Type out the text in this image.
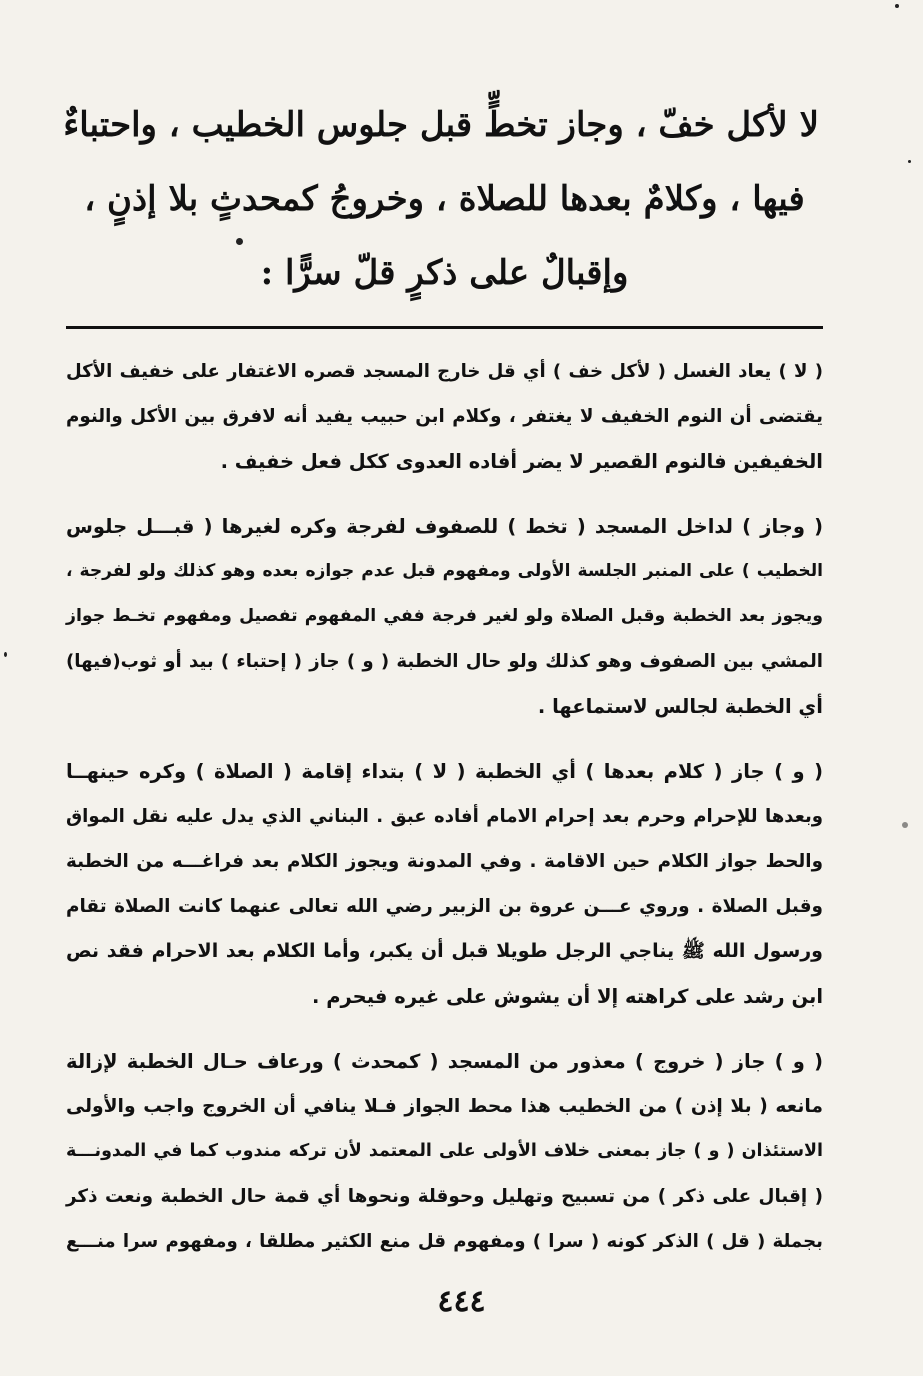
لا لأكل خفّ ، وجاز تخطٍّ قبل جلوس الخطيب ، واحتباءٌ
فيها ، وكلامٌ بعدها للصلاة ، وخروجُ كمحدثٍ بلا إذنٍ ،
وإقبالٌ على ذكرٍ قلّ سرًّا :
( لا ) يعاد الغسل ( لأكل خف ) أي قل خارج المسجد قصره الاغتفار على خفيف الأكل
يقتضى أن النوم الخفيف لا يغتفر ، وكلام ابن حبيب يفيد أنه لافرق بين الأكل والنوم
الخفيفين فالنوم القصير لا يضر أفاده العدوى ككل فعل خفيف .
( وجاز ) لداخل المسجد ( تخط ) للصفوف لفرجة وكره لغيرها ( قبـــل جلوس
الخطيب ) على المنبر الجلسة الأولى ومفهوم قبل عدم جوازه بعده وهو كذلك ولو لفرجة ،
ويجوز بعد الخطبة وقبل الصلاة ولو لغير فرجة ففي المفهوم تفصيل ومفهوم تخـط جواز
المشي بين الصفوف وهو كذلك ولو حال الخطبة ( و ) جاز ( إحتباء ) بيد أو ثوب(فيها)
أي الخطبة لجالس لاستماعها .
( و ) جاز ( كلام بعدها ) أي الخطبة ( لا ) بتداء إقامة ( الصلاة ) وكره حينهــا
وبعدها للإحرام وحرم بعد إحرام الامام أفاده عبق . البناني الذي يدل عليه نقل المواق
والحط جواز الكلام حين الاقامة . وفي المدونة ويجوز الكلام بعد فراغـــه من الخطبة
وقبل الصلاة . وروي عـــن عروة بن الزبير رضي الله تعالى عنهما كانت الصلاة تقام
ورسول الله ﷺ يناجي الرجل طويلا قبل أن يكبر، وأما الكلام بعد الاحرام فقد نص
ابن رشد على كراهته إلا أن يشوش على غيره فيحرم .
( و ) جاز ( خروج ) معذور من المسجد ( كمحدث ) ورعاف حـال الخطبة لإزالة
مانعه ( بلا إذن ) من الخطيب هذا محط الجواز فـلا ينافي أن الخروج واجب والأولى
الاستئذان ( و ) جاز بمعنى خلاف الأولى على المعتمد لأن تركه مندوب كما في المدونـــة
( إقبال على ذكر ) من تسبيح وتهليل وحوقلة ونحوها أي قمة حال الخطبة ونعت ذكر
بجملة ( قل ) الذكر كونه ( سرا ) ومفهوم قل منع الكثير مطلقا ، ومفهوم سرا منـــع
٤٤٤
